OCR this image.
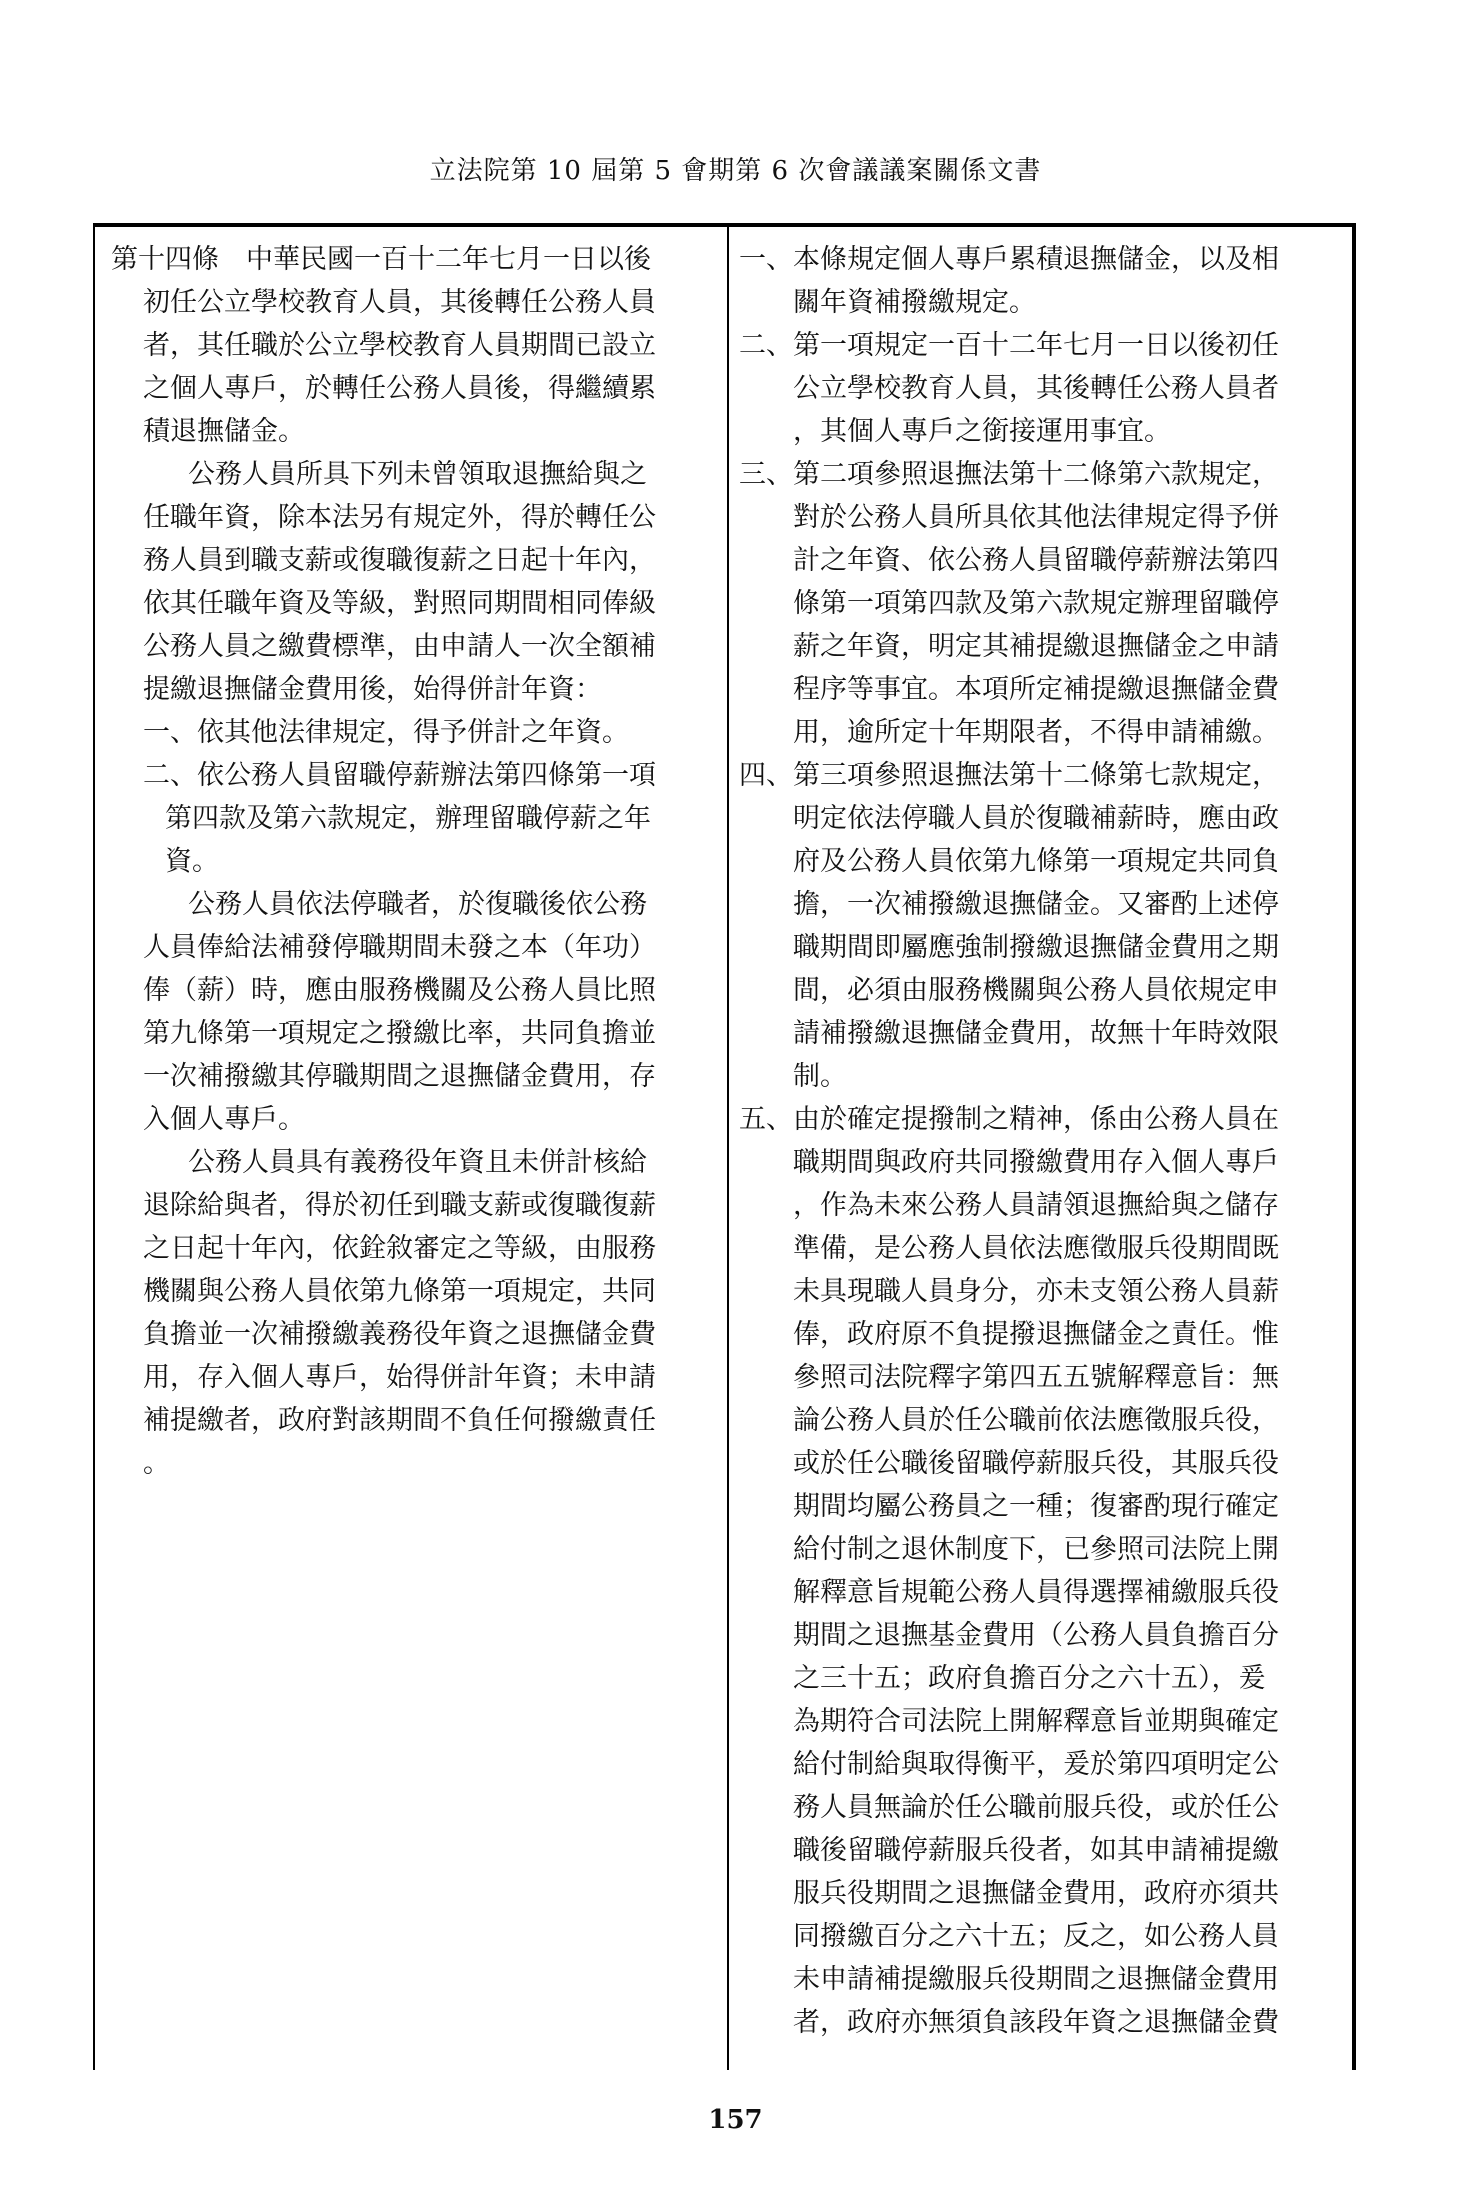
立法院第 10 屆第 5 會期第 6 次會議議案關係文書
第十四條　中華民國一百十二年七月一日以後
初任公立學校教育人員，其後轉任公務人員
者，其任職於公立學校教育人員期間已設立
之個人專戶，於轉任公務人員後，得繼續累
積退撫儲金。
公務人員所具下列未曾領取退撫給與之
任職年資，除本法另有規定外，得於轉任公
務人員到職支薪或復職復薪之日起十年內，
依其任職年資及等級，對照同期間相同俸級
公務人員之繳費標準，由申請人一次全額補
提繳退撫儲金費用後，始得併計年資：
一、依其他法律規定，得予併計之年資。
二、依公務人員留職停薪辦法第四條第一項
第四款及第六款規定，辦理留職停薪之年
資。
公務人員依法停職者，於復職後依公務
人員俸給法補發停職期間未發之本（年功）
俸（薪）時，應由服務機關及公務人員比照
第九條第一項規定之撥繳比率，共同負擔並
一次補撥繳其停職期間之退撫儲金費用，存
入個人專戶。
公務人員具有義務役年資且未併計核給
退除給與者，得於初任到職支薪或復職復薪
之日起十年內，依銓敘審定之等級，由服務
機關與公務人員依第九條第一項規定，共同
負擔並一次補撥繳義務役年資之退撫儲金費
用，存入個人專戶，始得併計年資；未申請
補提繳者，政府對該期間不負任何撥繳責任
。
一、本條規定個人專戶累積退撫儲金，以及相
關年資補撥繳規定。
二、第一項規定一百十二年七月一日以後初任
公立學校教育人員，其後轉任公務人員者
，其個人專戶之銜接運用事宜。
三、第二項參照退撫法第十二條第六款規定，
對於公務人員所具依其他法律規定得予併
計之年資、依公務人員留職停薪辦法第四
條第一項第四款及第六款規定辦理留職停
薪之年資，明定其補提繳退撫儲金之申請
程序等事宜。本項所定補提繳退撫儲金費
用，逾所定十年期限者，不得申請補繳。
四、第三項參照退撫法第十二條第七款規定，
明定依法停職人員於復職補薪時，應由政
府及公務人員依第九條第一項規定共同負
擔，一次補撥繳退撫儲金。又審酌上述停
職期間即屬應強制撥繳退撫儲金費用之期
間，必須由服務機關與公務人員依規定申
請補撥繳退撫儲金費用，故無十年時效限
制。
五、由於確定提撥制之精神，係由公務人員在
職期間與政府共同撥繳費用存入個人專戶
，作為未來公務人員請領退撫給與之儲存
準備，是公務人員依法應徵服兵役期間既
未具現職人員身分，亦未支領公務人員薪
俸，政府原不負提撥退撫儲金之責任。惟
參照司法院釋字第四五五號解釋意旨：無
論公務人員於任公職前依法應徵服兵役，
或於任公職後留職停薪服兵役，其服兵役
期間均屬公務員之一種；復審酌現行確定
給付制之退休制度下，已參照司法院上開
解釋意旨規範公務人員得選擇補繳服兵役
期間之退撫基金費用（公務人員負擔百分
之三十五；政府負擔百分之六十五），爰
為期符合司法院上開解釋意旨並期與確定
給付制給與取得衡平，爰於第四項明定公
務人員無論於任公職前服兵役，或於任公
職後留職停薪服兵役者，如其申請補提繳
服兵役期間之退撫儲金費用，政府亦須共
同撥繳百分之六十五；反之，如公務人員
未申請補提繳服兵役期間之退撫儲金費用
者，政府亦無須負該段年資之退撫儲金費
157
